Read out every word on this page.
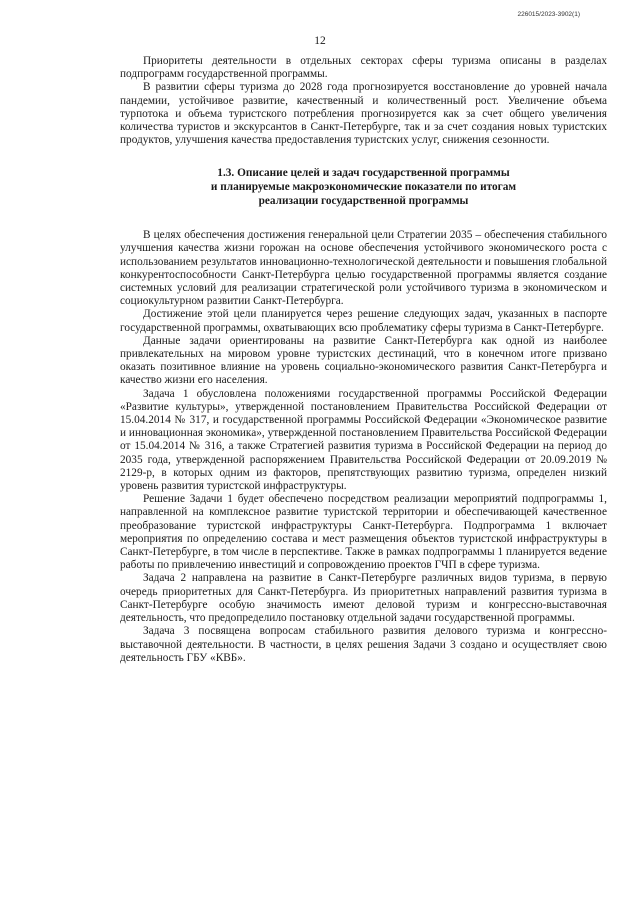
226015/2023-3902(1)
12

Приоритеты деятельности в отдельных секторах сферы туризма описаны в разделах подпрограмм государственной программы.

В развитии сферы туризма до 2028 года прогнозируется восстановление до уровней начала пандемии, устойчивое развитие, качественный и количественный рост. Увеличение объема турпотока и объема туристского потребления прогнозируется как за счет общего увеличения количества туристов и экскурсантов в Санкт-Петербурге, так и за счет создания новых туристских продуктов, улучшения качества предоставления туристских услуг, снижения сезонности.

1.3. Описание целей и задач государственной программы
и планируемые макроэкономические показатели по итогам
реализации государственной программы

В целях обеспечения достижения генеральной цели Стратегии 2035 – обеспечения стабильного улучшения качества жизни горожан на основе обеспечения устойчивого экономического роста с использованием результатов инновационно-технологической деятельности и повышения глобальной конкурентоспособности Санкт-Петербурга целью государственной программы является создание системных условий для реализации стратегической роли устойчивого туризма в экономическом и социокультурном развитии Санкт-Петербурга.

Достижение этой цели планируется через решение следующих задач, указанных в паспорте государственной программы, охватывающих всю проблематику сферы туризма в Санкт-Петербурге.

Данные задачи ориентированы на развитие Санкт-Петербурга как одной из наиболее привлекательных на мировом уровне туристских дестинаций, что в конечном итоге призвано оказать позитивное влияние на уровень социально-экономического развития Санкт-Петербурга и качество жизни его населения.

Задача 1 обусловлена положениями государственной программы Российской Федерации «Развитие культуры», утвержденной постановлением Правительства Российской Федерации от 15.04.2014 № 317, и государственной программы Российской Федерации «Экономическое развитие и инновационная экономика», утвержденной постановлением Правительства Российской Федерации от 15.04.2014 № 316, а также Стратегией развития туризма в Российской Федерации на период до 2035 года, утвержденной распоряжением Правительства Российской Федерации от 20.09.2019 № 2129-р, в которых одним из факторов, препятствующих развитию туризма, определен низкий уровень развития туристской инфраструктуры.

Решение Задачи 1 будет обеспечено посредством реализации мероприятий подпрограммы 1, направленной на комплексное развитие туристской территории и обеспечивающей качественное преобразование туристской инфраструктуры Санкт-Петербурга. Подпрограмма 1 включает мероприятия по определению состава и мест размещения объектов туристской инфраструктуры в Санкт-Петербурге, в том числе в перспективе. Также в рамках подпрограммы 1 планируется ведение работы по привлечению инвестиций и сопровождению проектов ГЧП в сфере туризма.

Задача 2 направлена на развитие в Санкт-Петербурге различных видов туризма, в первую очередь приоритетных для Санкт-Петербурга. Из приоритетных направлений развития туризма в Санкт-Петербурге особую значимость имеют деловой туризм и конгрессно-выставочная деятельность, что предопределило постановку отдельной задачи государственной программы.

Задача 3 посвящена вопросам стабильного развития делового туризма и конгрессно-выставочной деятельности. В частности, в целях решения Задачи 3 создано и осуществляет свою деятельность ГБУ «КВБ».
